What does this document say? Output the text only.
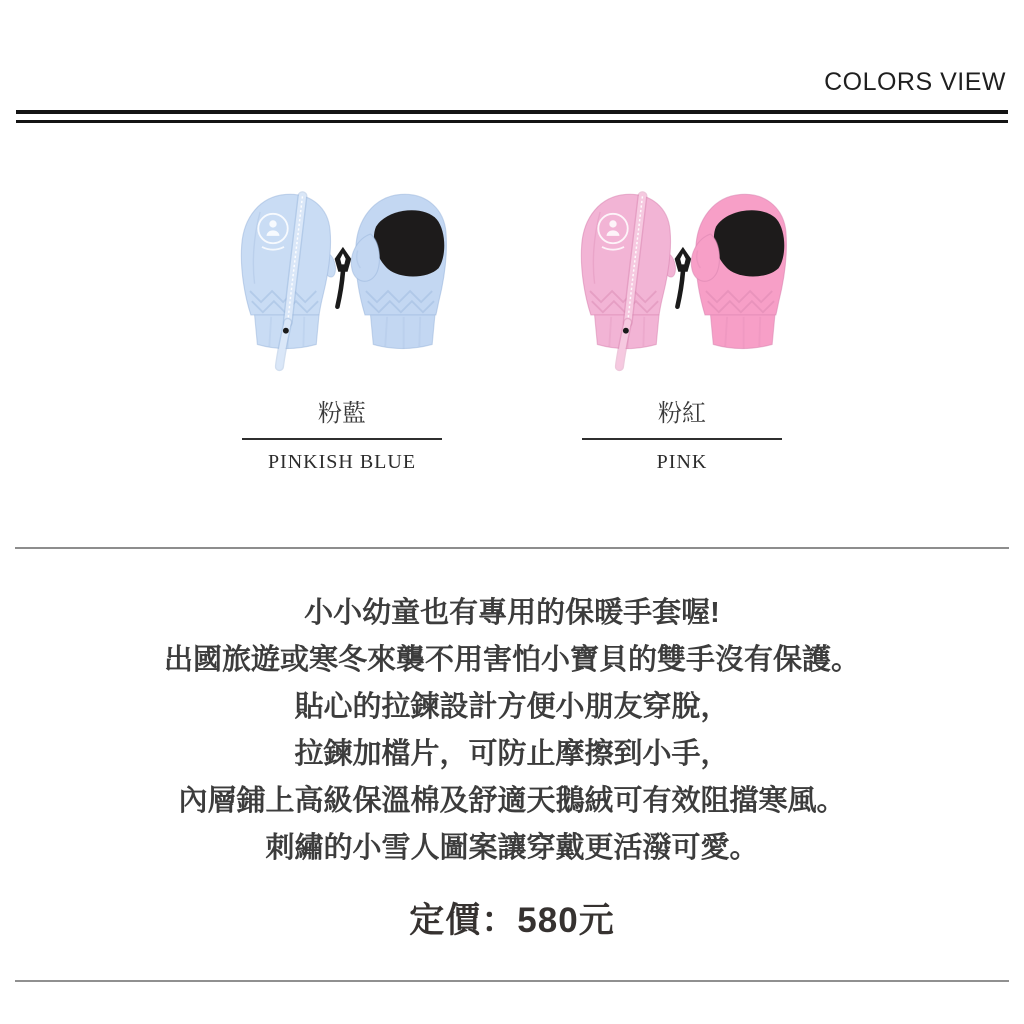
COLORS VIEW
粉藍
PINKISH BLUE
粉紅
PINK
小小幼童也有專用的保暖手套喔!
出國旅遊或寒冬來襲不用害怕小寶貝的雙手沒有保護。
貼心的拉鍊設計方便小朋友穿脫，
拉鍊加檔片，可防止摩擦到小手，
內層鋪上高級保溫棉及舒適天鵝絨可有效阻擋寒風。
刺繡的小雪人圖案讓穿戴更活潑可愛。
定價：580元
